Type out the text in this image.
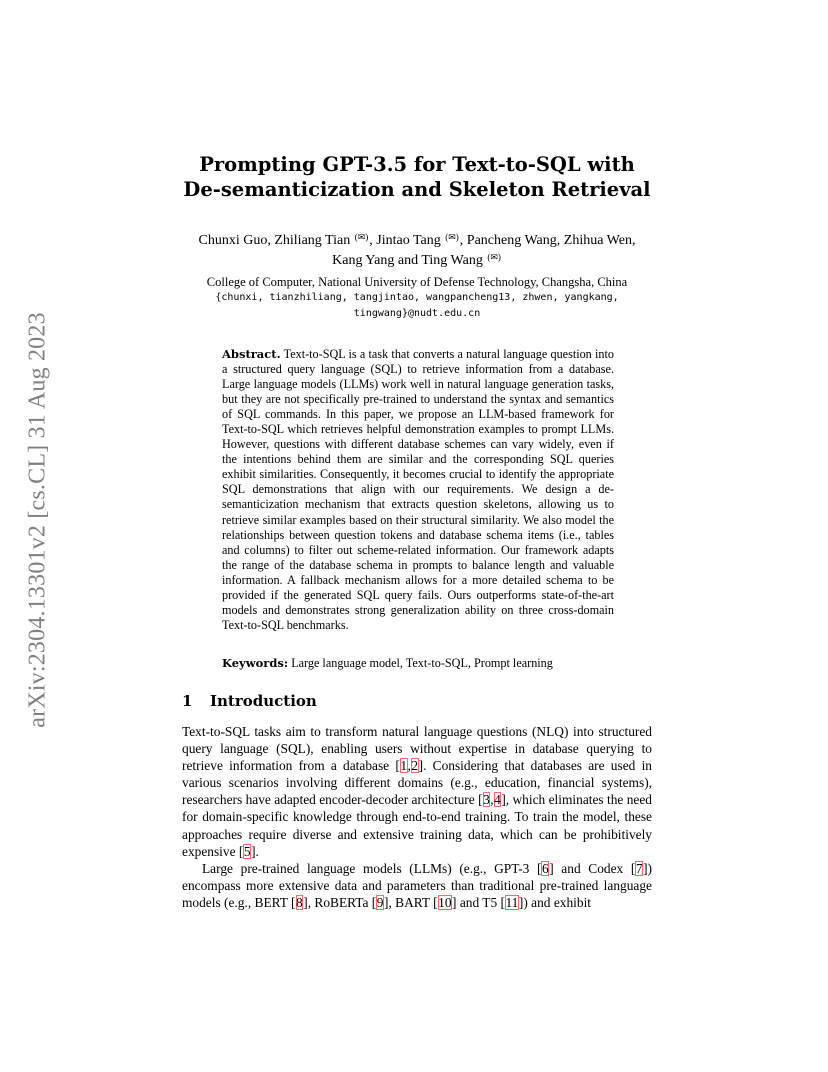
arXiv:2304.13301v2 [cs.CL] 31 Aug 2023
Prompting GPT-3.5 for Text-to-SQL with
De-semanticization and Skeleton Retrieval
Chunxi Guo, Zhiliang Tian (✉), Jintao Tang (✉), Pancheng Wang, Zhihua Wen,
Kang Yang and Ting Wang (✉)
College of Computer, National University of Defense Technology, Changsha, China
{chunxi, tianzhiliang, tangjintao, wangpancheng13, zhwen, yangkang,
tingwang}@nudt.edu.cn
Abstract. Text-to-SQL is a task that converts a natural language question into a structured query language (SQL) to retrieve information from a database. Large language models (LLMs) work well in natural language generation tasks, but they are not specifically pre-trained to understand the syntax and semantics of SQL commands. In this paper, we propose an LLM-based framework for Text-to-SQL which retrieves helpful demonstration examples to prompt LLMs. However, questions with different database schemes can vary widely, even if the intentions behind them are similar and the corresponding SQL queries exhibit similarities. Consequently, it becomes crucial to identify the appropriate SQL demonstrations that align with our requirements. We design a desemanticization mechanism that extracts question skeletons, allowing us to retrieve similar examples based on their structural similarity. We also model the relationships between question tokens and database schema items (i.e., tables and columns) to filter out scheme-related information. Our framework adapts the range of the database schema in prompts to balance length and valuable information. A fallback mechanism allows for a more detailed schema to be provided if the generated SQL query fails. Ours outperforms state-of-the-art models and demonstrates strong generalization ability on three cross-domain Text-to-SQL benchmarks.
Keywords: Large language model, Text-to-SQL, Prompt learning
1 Introduction

Text-to-SQL tasks aim to transform natural language questions (NLQ) into structured query language (SQL), enabling users without expertise in database querying to retrieve information from a database [1,2]. Considering that databases are used in various scenarios involving different domains (e.g., education, financial systems), researchers have adapted encoder-decoder architecture [3,4], which eliminates the need for domain-specific knowledge through end-to-end training. To train the model, these approaches require diverse and extensive training data, which can be prohibitively expensive [5].

Large pre-trained language models (LLMs) (e.g., GPT-3 [6] and Codex [7]) encompass more extensive data and parameters than traditional pre-trained language models (e.g., BERT [8], RoBERTa [9], BART [10] and T5 [11]) and exhibit
